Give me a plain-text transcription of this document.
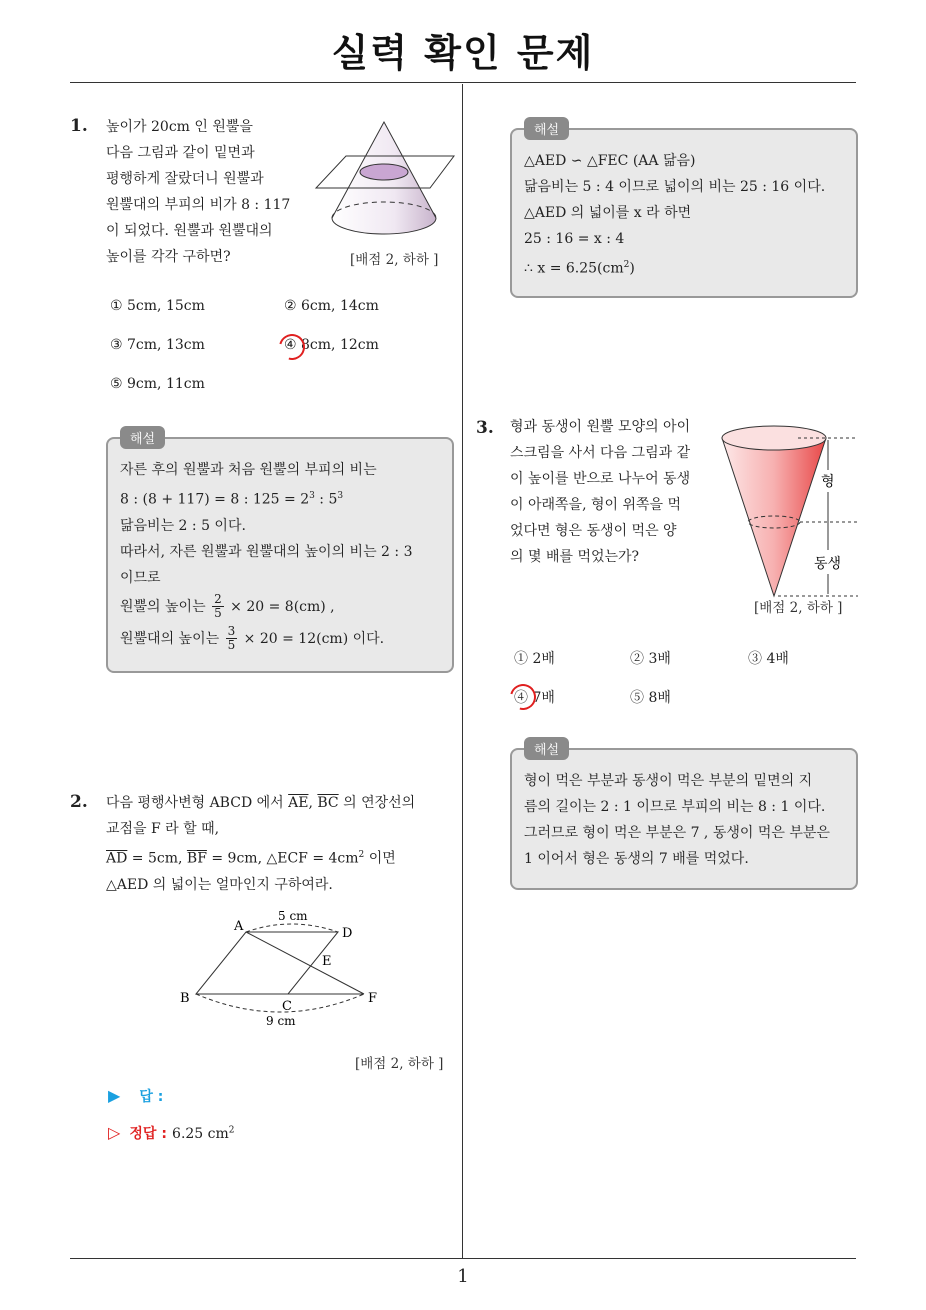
실력 확인 문제
1
1. 높이가 20cm 인 원뿔을
다음 그림과 같이 밑면과
평행하게 잘랐더니 원뿔과
원뿔대의 부피의 비가 8 : 117
이 되었다. 원뿔과 원뿔대의
높이를 각각 구하면?	[배점 2, 하하 ]
① 5cm, 15cm	② 6cm, 14cm
③ 7cm, 13cm	④ 8cm, 12cm
⑤ 9cm, 11cm
해설
자른 후의 원뿔과 처음 원뿔의 부피의 비는
8 : (8 + 117) = 8 : $125 = 2^3$ : $5^3$
닮음비는 2 : 5 이다.
따라서, 자른 원뿔과 원뿔대의 높이의 비는 2 : 3
이므로
원뿔의 높이는 $\frac{2}{5} \times 20 = 8(cm)$ ,
원뿔대의 높이는 $\frac{3}{5} \times 20 = 12(cm)$ 이다.
2. 다음 평행사변형 ABCD 에서 $\overline{AE}$, $\overline{BC}$ 의 연장선의
교점을 F 라 할 때,
$\overline{AD} = 5cm$, $\overline{BF} = 9cm$, △ECF = $4cm^2$ 이면
△AED 의 넓이는 얼마인지 구하여라.
A	D
E
B
C
F
5 cm
9 cm
[배점 2, 하하 ]
▶ 답 :
▷ 정답 : 6.25 $cm^2$
해설
△AED ∽ △FEC (AA 닮음)
닮음비는 5 : 4 이므로 넓이의 비는 25 : 16 이다.
△AED 의 넓이를 x 라 하면
25 : 16 = x : 4
∴ $x = 6.25(cm^2)$
3. 형과 동생이 원뿔 모양의 아이
스크림을 사서 다음 그림과 같
이 높이를 반으로 나누어 동생
이 아래쪽을, 형이 위쪽을 먹
었다면 형은 동생이 먹은 양
의 몇 배를 먹었는가?
형
동생
[배점 2, 하하 ]
① 2배	② 3배	③ 4배
④ 7배	⑤ 8배
해설
형이 먹은 부분과 동생이 먹은 부분의 밑면의 지
름의 길이는 2 : 1 이므로 부피의 비는 8 : 1 이다.
그러므로 형이 먹은 부분은 7 , 동생이 먹은 부분은
1 이어서 형은 동생의 7 배를 먹었다.
